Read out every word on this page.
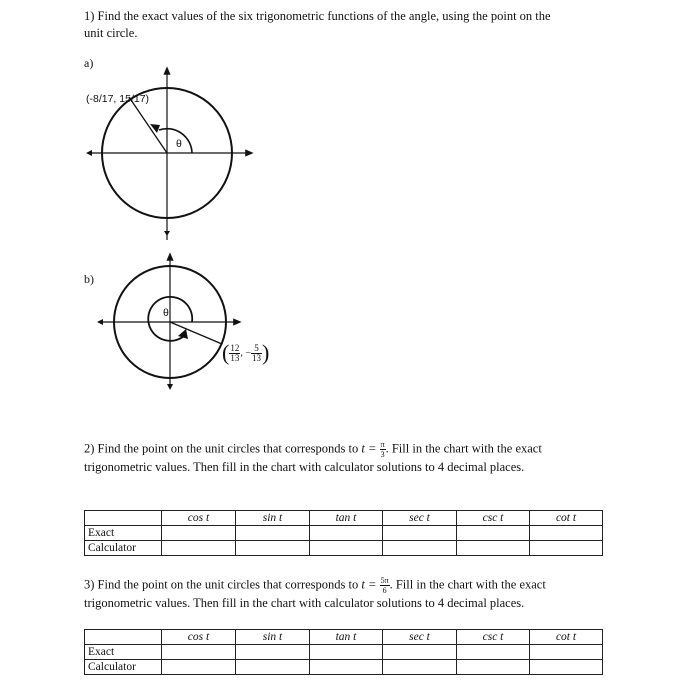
1) Find the exact values of the six trigonometric functions of the angle, using the point on the
unit circle.
a)
(-8/17, 15/17)
θ
b)
θ
( $\frac{12}{13}$ , − $\frac{5}{13}$ )
2) Find the point on the unit circles that corresponds to $t = \frac{\pi}{3}$ . Fill in the chart with the exact
trigonometric values. Then fill in the chart with calculator solutions to 4 decimal places.
	cos t	sin t	tan t	sec t	csc t	cot t
Exact						
Calculator						
3) Find the point on the unit circles that corresponds to $t = \frac{5\pi}{6}$ . Fill in the chart with the exact
trigonometric values. Then fill in the chart with calculator solutions to 4 decimal places.
	cos t	sin t	tan t	sec t	csc t	cot t
Exact						
Calculator						
